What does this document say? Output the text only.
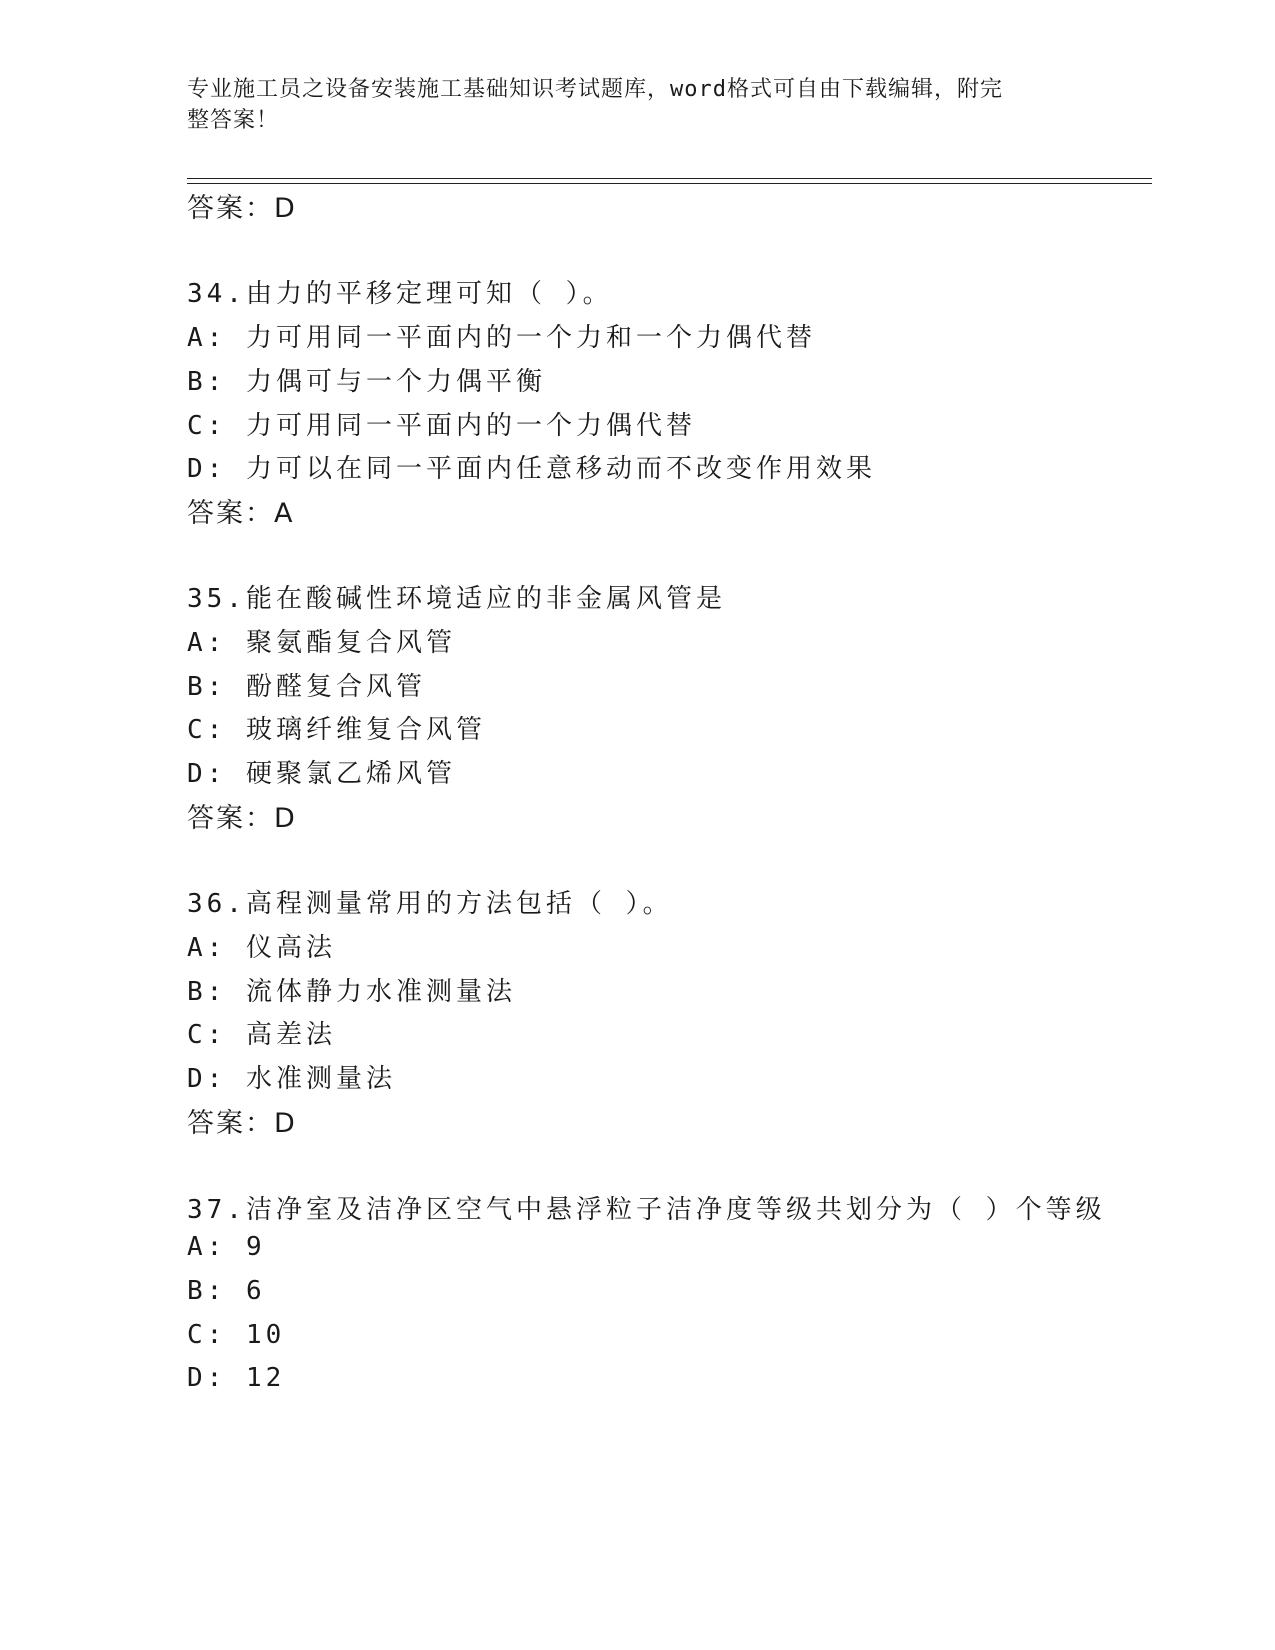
专业施工员之设备安装施工基础知识考试题库，word格式可自由下载编辑，附完
整答案！
答案：D
34.由力的平移定理可知（ ）。
A: 力可用同一平面内的一个力和一个力偶代替
B: 力偶可与一个力偶平衡
C: 力可用同一平面内的一个力偶代替
D: 力可以在同一平面内任意移动而不改变作用效果
答案：A
35.能在酸碱性环境适应的非金属风管是
A: 聚氨酯复合风管
B: 酚醛复合风管
C: 玻璃纤维复合风管
D: 硬聚氯乙烯风管
答案：D
36.高程测量常用的方法包括（ ）。
A: 仪高法
B: 流体静力水准测量法
C: 高差法
D: 水准测量法
答案：D
37.洁净室及洁净区空气中悬浮粒子洁净度等级共划分为（ ）个等级
A: 9
B: 6
C: 10
D: 12
